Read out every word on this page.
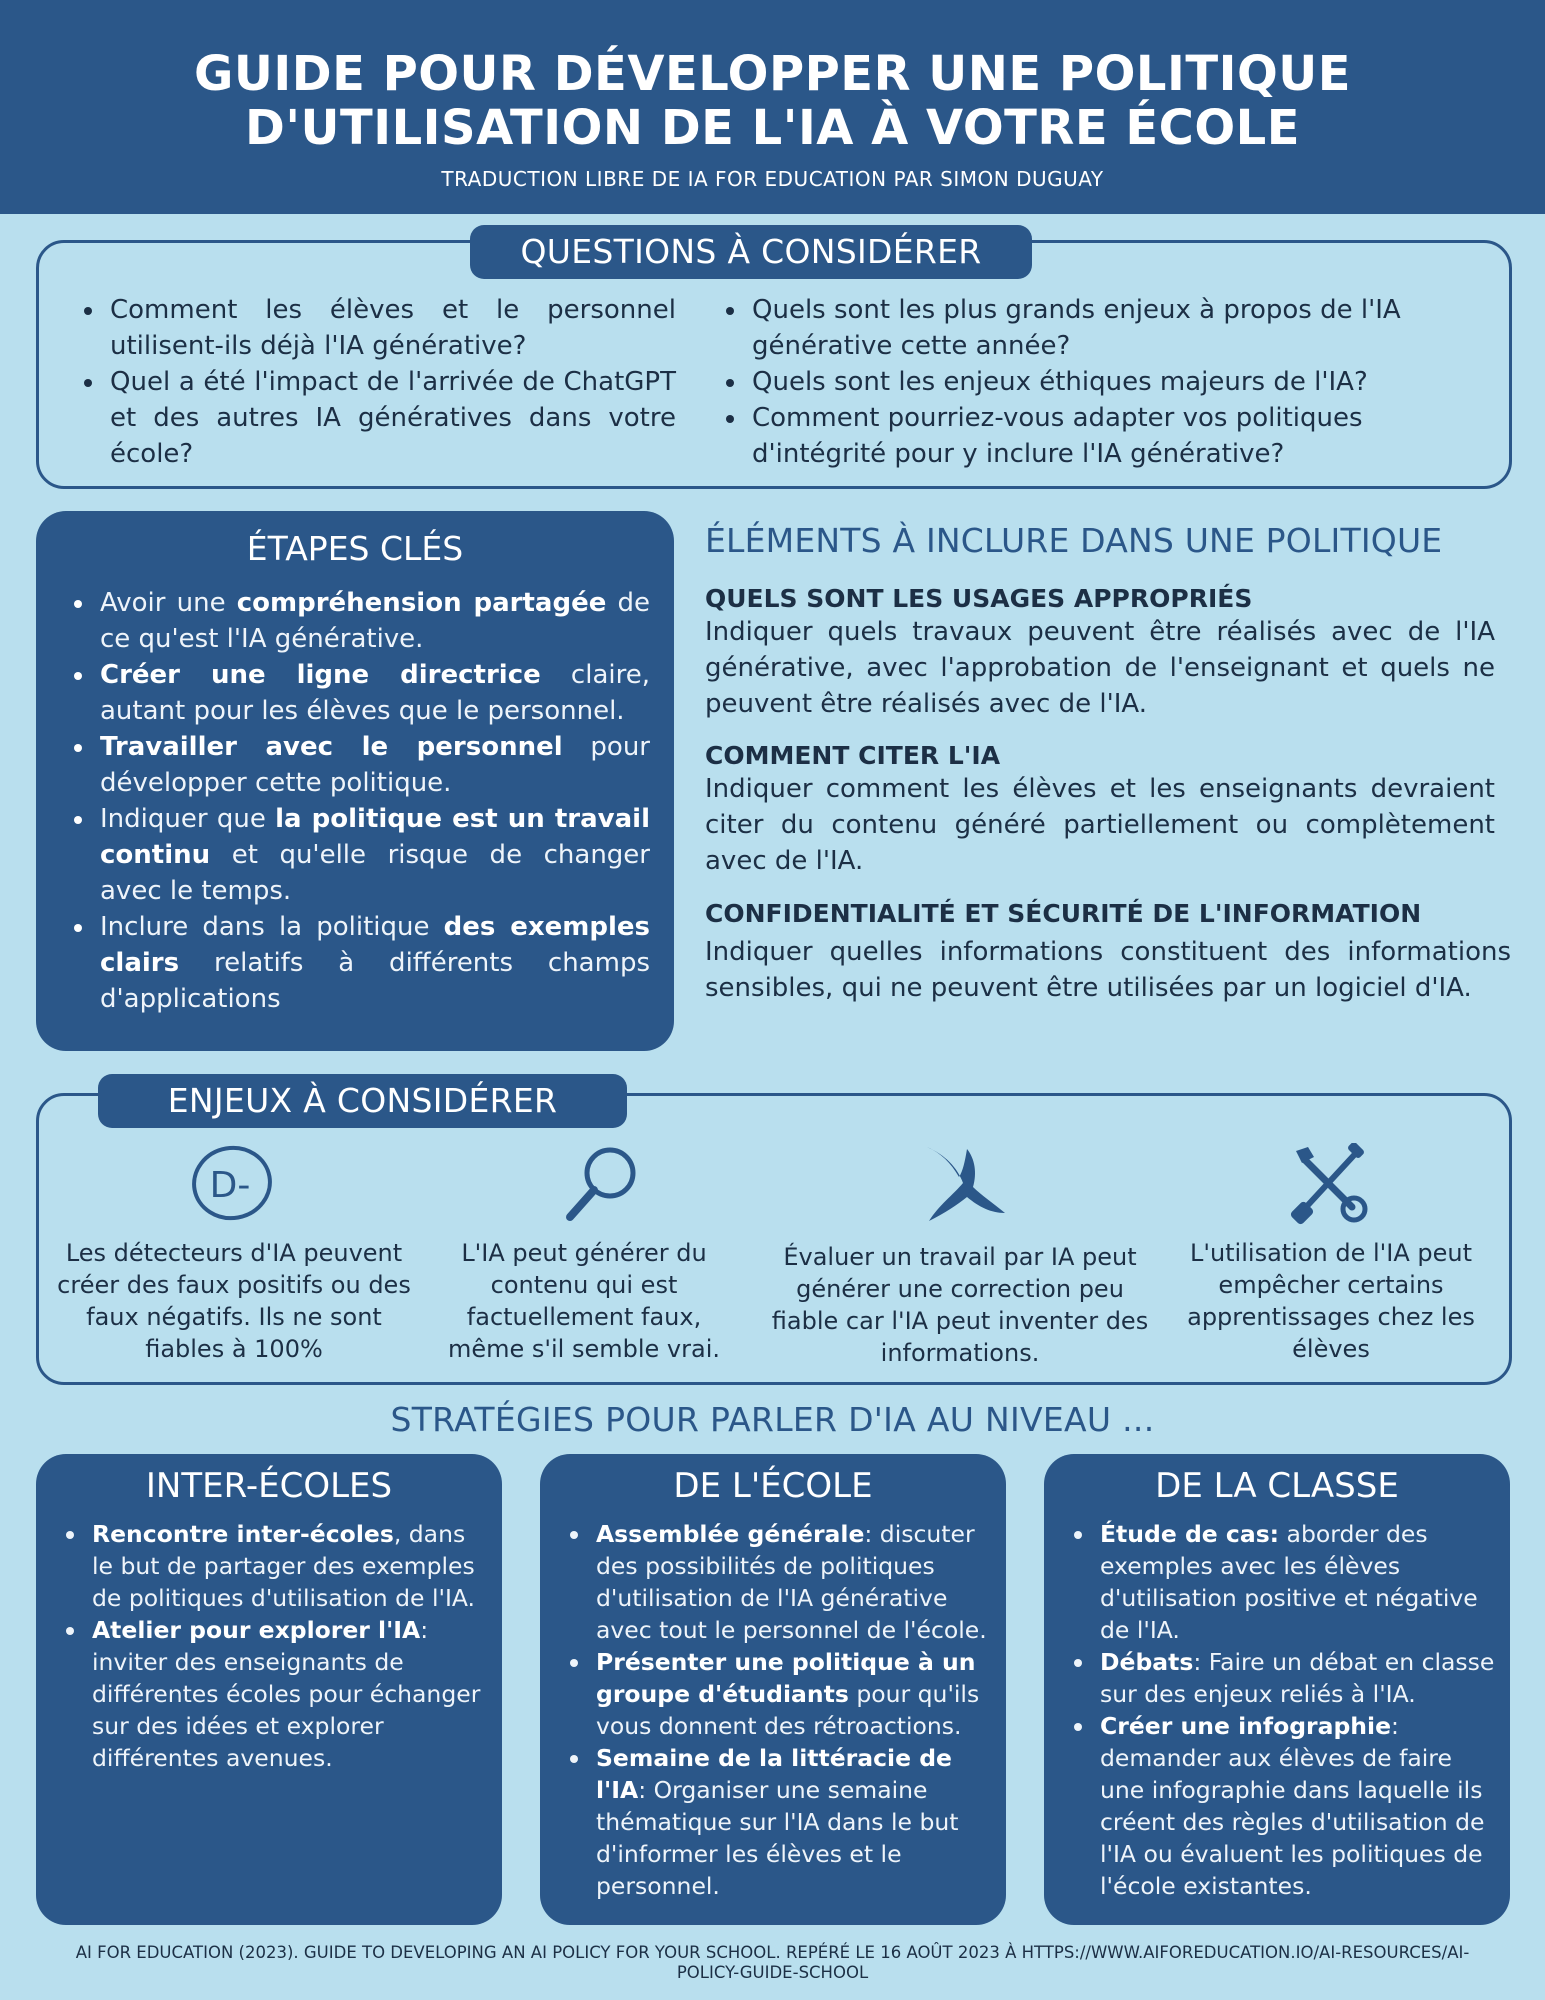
GUIDE POUR DÉVELOPPER UNE POLITIQUE
D'UTILISATION DE L'IA À VOTRE ÉCOLE
TRADUCTION LIBRE DE IA FOR EDUCATION PAR SIMON DUGUAY
QUESTIONS À CONSIDÉRER
Comment les élèves et le personnel utilisent-ils déjà l'IA générative?
Quel a été l'impact de l'arrivée de ChatGPT et des autres IA génératives dans votre école?
Quels sont les plus grands enjeux à propos de l'IA générative cette année?
Quels sont les enjeux éthiques majeurs de l'IA?
Comment pourriez-vous adapter vos politiques d'intégrité pour y inclure l'IA générative?
ÉTAPES CLÉS
Avoir une compréhension partagée de ce qu'est l'IA générative.
Créer une ligne directrice claire, autant pour les élèves que le personnel.
Travailler avec le personnel pour développer cette politique.
Indiquer que la politique est un travail continu et qu'elle risque de changer avec le temps.
Inclure dans la politique des exemples clairs relatifs à différents champs d'applications
ÉLÉMENTS À INCLURE DANS UNE POLITIQUE
QUELS SONT LES USAGES APPROPRIÉS
Indiquer quels travaux peuvent être réalisés avec de l'IA générative, avec l'approbation de l'enseignant et quels ne peuvent être réalisés avec de l'IA.
COMMENT CITER L'IA
Indiquer comment les élèves et les enseignants devraient citer du contenu généré partiellement ou complètement avec de l'IA.
CONFIDENTIALITÉ ET SÉCURITÉ DE L'INFORMATION
Indiquer quelles informations constituent des informations sensibles, qui ne peuvent être utilisées par un logiciel d'IA.
ENJEUX À CONSIDÉRER
D-
Les détecteurs d'IA peuvent créer des faux positifs ou des faux négatifs. Ils ne sont fiables à 100%
L'IA peut générer du contenu qui est factuellement faux, même s'il semble vrai.
Évaluer un travail par IA peut générer une correction peu fiable car l'IA peut inventer des informations.
L'utilisation de l'IA peut empêcher certains apprentissages chez les élèves
STRATÉGIES POUR PARLER D'IA AU NIVEAU ...
INTER-ÉCOLES
Rencontre inter-écoles, dans le but de partager des exemples de politiques d'utilisation de l'IA.
Atelier pour explorer l'IA: inviter des enseignants de différentes écoles pour échanger sur des idées et explorer différentes avenues.
DE L'ÉCOLE
Assemblée générale: discuter des possibilités de politiques d'utilisation de l'IA générative avec tout le personnel de l'école.
Présenter une politique à un groupe d'étudiants pour qu'ils vous donnent des rétroactions.
Semaine de la littéracie de l'IA: Organiser une semaine thématique sur l'IA dans le but d'informer les élèves et le personnel.
DE LA CLASSE
Étude de cas: aborder des exemples avec les élèves d'utilisation positive et négative de l'IA.
Débats: Faire un débat en classe sur des enjeux reliés à l'IA.
Créer une infographie: demander aux élèves de faire une infographie dans laquelle ils créent des règles d'utilisation de l'IA ou évaluent les politiques de l'école existantes.
AI FOR EDUCATION (2023). GUIDE TO DEVELOPING AN AI POLICY FOR YOUR SCHOOL. REPÉRÉ LE 16 AOÛT 2023 À HTTPS://WWW.AIFOREDUCATION.IO/AI-RESOURCES/AI-POLICY-GUIDE-SCHOOL
